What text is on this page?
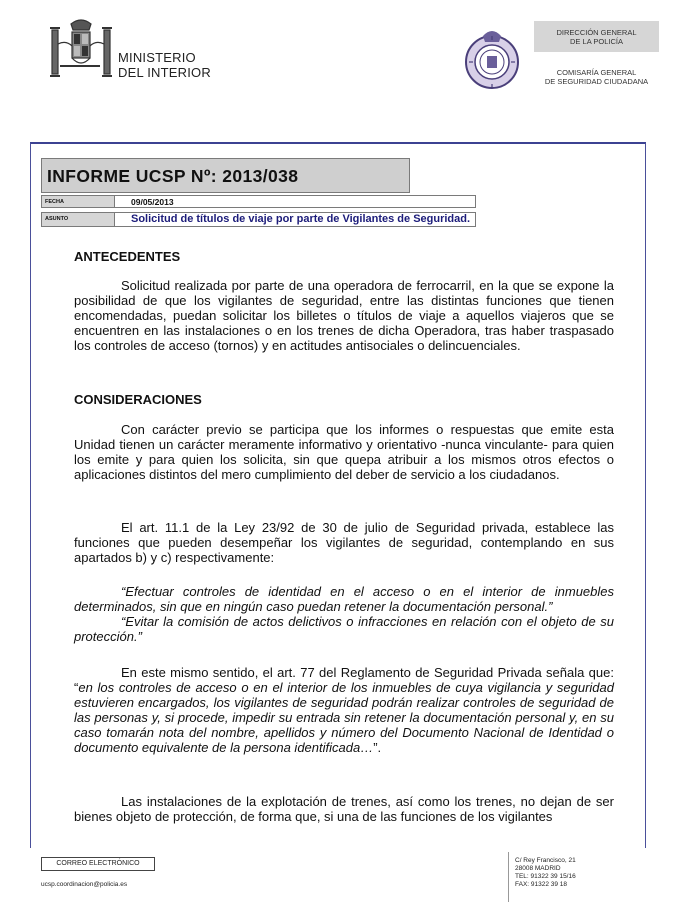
MINISTERIO
DEL INTERIOR
DIRECCIÓN GENERAL
DE LA POLICÍA
COMISARÍA GENERAL
DE SEGURIDAD CIUDADANA
INFORME UCSP Nº: 2013/038
FECHA	09/05/2013
ASUNTO	Solicitud de títulos de viaje por parte de Vigilantes de Seguridad.
ANTECEDENTES

Solicitud realizada por parte de una operadora de ferrocarril, en la que se expone la posibilidad de que los vigilantes de seguridad, entre las distintas funciones que tienen encomendadas, puedan solicitar los billetes o títulos de viaje a aquellos viajeros que se encuentren en las instalaciones o en los trenes de dicha Operadora, tras haber traspasado los controles de acceso (tornos) y en actitudes antisociales o delincuenciales.

CONSIDERACIONES

Con carácter previo se participa que los informes o respuestas que emite esta Unidad tienen un carácter meramente informativo y orientativo -nunca vinculante- para quien los emite y para quien los solicita, sin que quepa atribuir a los mismos otros efectos o aplicaciones distintos del mero cumplimiento del deber de servicio a los ciudadanos.

El art. 11.1 de la Ley 23/92 de 30 de julio de Seguridad privada, establece las funciones que pueden desempeñar los vigilantes de seguridad, contemplando en sus apartados b) y c) respectivamente:

“Efectuar controles de identidad en el acceso o en el interior de inmuebles determinados, sin que en ningún caso puedan retener la documentación personal.”

“Evitar la comisión de actos delictivos o infracciones en relación con el objeto de su protección.”

En este mismo sentido, el art. 77 del Reglamento de Seguridad Privada señala que: “en los controles de acceso o en el interior de los inmuebles de cuya vigilancia y seguridad estuvieren encargados, los vigilantes de seguridad podrán realizar controles de seguridad de las personas y, si procede, impedir su entrada sin retener la documentación personal y, en su caso tomarán nota del nombre, apellidos y número del Documento Nacional de Identidad o documento equivalente de la persona identificada…”.

Las instalaciones de la explotación de trenes, así como los trenes, no dejan de ser bienes objeto de protección, de forma que, si una de las funciones de los vigilantes

CORREO ELECTRÓNICO
ucsp.coordinacion@policia.es
C/ Rey Francisco, 21
28008 MADRID
TEL: 91322 39 15/16
FAX: 91322 39 18
